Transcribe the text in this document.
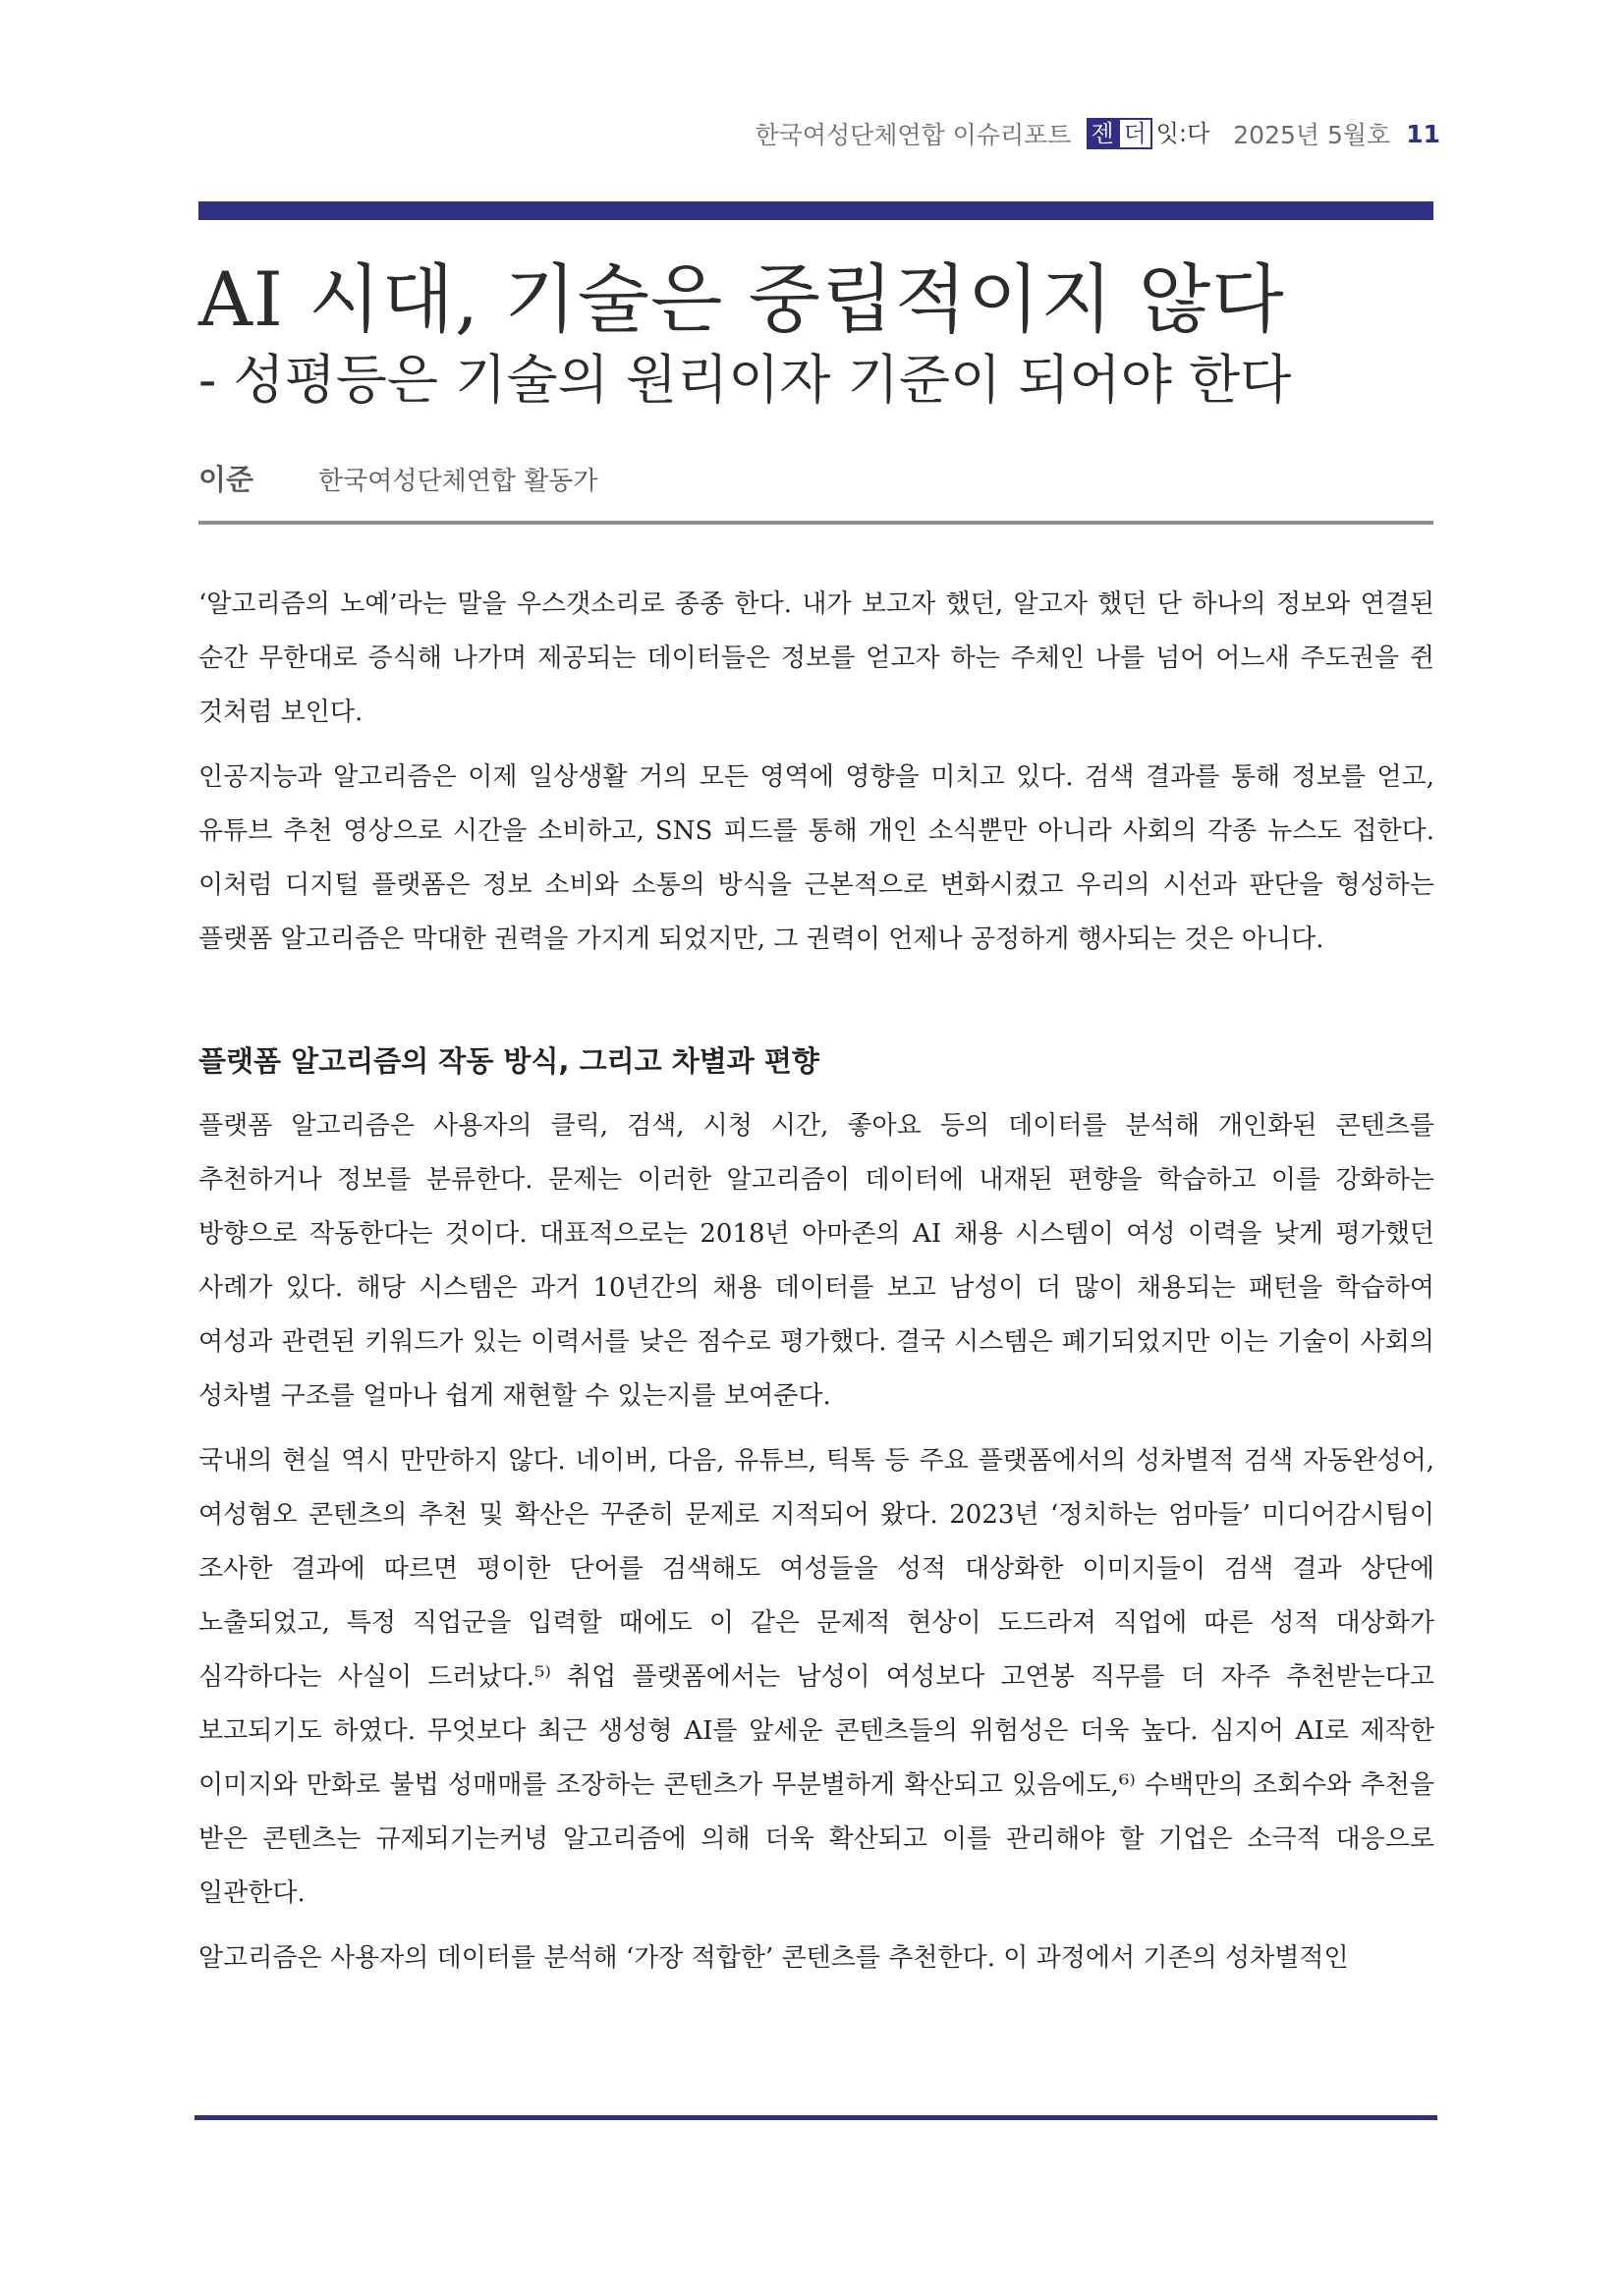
한국여성단체연합 이슈리포트 젠 더 잇:다 2025년 5월호 11
AI 시대, 기술은 중립적이지 않다
- 성평등은 기술의 원리이자 기준이 되어야 한다
이준	한국여성단체연합 활동가

‘알고리즘의 노예’라는 말을 우스갯소리로 종종 한다. 내가 보고자 했던, 알고자 했던 단 하나의 정보와 연결된 순간 무한대로 증식해 나가며 제공되는 데이터들은 정보를 얻고자 하는 주체인 나를 넘어 어느새 주도권을 쥔 것처럼 보인다.

인공지능과 알고리즘은 이제 일상생활 거의 모든 영역에 영향을 미치고 있다. 검색 결과를 통해 정보를 얻고, 유튜브 추천 영상으로 시간을 소비하고, SNS 피드를 통해 개인 소식뿐만 아니라 사회의 각종 뉴스도 접한다. 이처럼 디지털 플랫폼은 정보 소비와 소통의 방식을 근본적으로 변화시켰고 우리의 시선과 판단을 형성하는 플랫폼 알고리즘은 막대한 권력을 가지게 되었지만, 그 권력이 언제나 공정하게 행사되는 것은 아니다.

플랫폼 알고리즘의 작동 방식, 그리고 차별과 편향

플랫폼 알고리즘은 사용자의 클릭, 검색, 시청 시간, 좋아요 등의 데이터를 분석해 개인화된 콘텐츠를 추천하거나 정보를 분류한다. 문제는 이러한 알고리즘이 데이터에 내재된 편향을 학습하고 이를 강화하는 방향으로 작동한다는 것이다. 대표적으로는 2018년 아마존의 AI 채용 시스템이 여성 이력을 낮게 평가했던 사례가 있다. 해당 시스템은 과거 10년간의 채용 데이터를 보고 남성이 더 많이 채용되는 패턴을 학습하여 여성과 관련된 키워드가 있는 이력서를 낮은 점수로 평가했다. 결국 시스템은 폐기되었지만 이는 기술이 사회의 성차별 구조를 얼마나 쉽게 재현할 수 있는지를 보여준다.

국내의 현실 역시 만만하지 않다. 네이버, 다음, 유튜브, 틱톡 등 주요 플랫폼에서의 성차별적 검색 자동완성어, 여성혐오 콘텐츠의 추천 및 확산은 꾸준히 문제로 지적되어 왔다. 2023년 ‘정치하는 엄마들’ 미디어감시팀이 조사한 결과에 따르면 평이한 단어를 검색해도 여성들을 성적 대상화한 이미지들이 검색 결과 상단에 노출되었고, 특정 직업군을 입력할 때에도 이 같은 문제적 현상이 도드라져 직업에 따른 성적 대상화가 심각하다는 사실이 드러났다.⁵⁾ 취업 플랫폼에서는 남성이 여성보다 고연봉 직무를 더 자주 추천받는다고 보고되기도 하였다. 무엇보다 최근 생성형 AI를 앞세운 콘텐츠들의 위험성은 더욱 높다. 심지어 AI로 제작한 이미지와 만화로 불법 성매매를 조장하는 콘텐츠가 무분별하게 확산되고 있음에도,⁶⁾ 수백만의 조회수와 추천을 받은 콘텐츠는 규제되기는커녕 알고리즘에 의해 더욱 확산되고 이를 관리해야 할 기업은 소극적 대응으로 일관한다.

알고리즘은 사용자의 데이터를 분석해 ‘가장 적합한’ 콘텐츠를 추천한다. 이 과정에서 기존의 성차별적인
